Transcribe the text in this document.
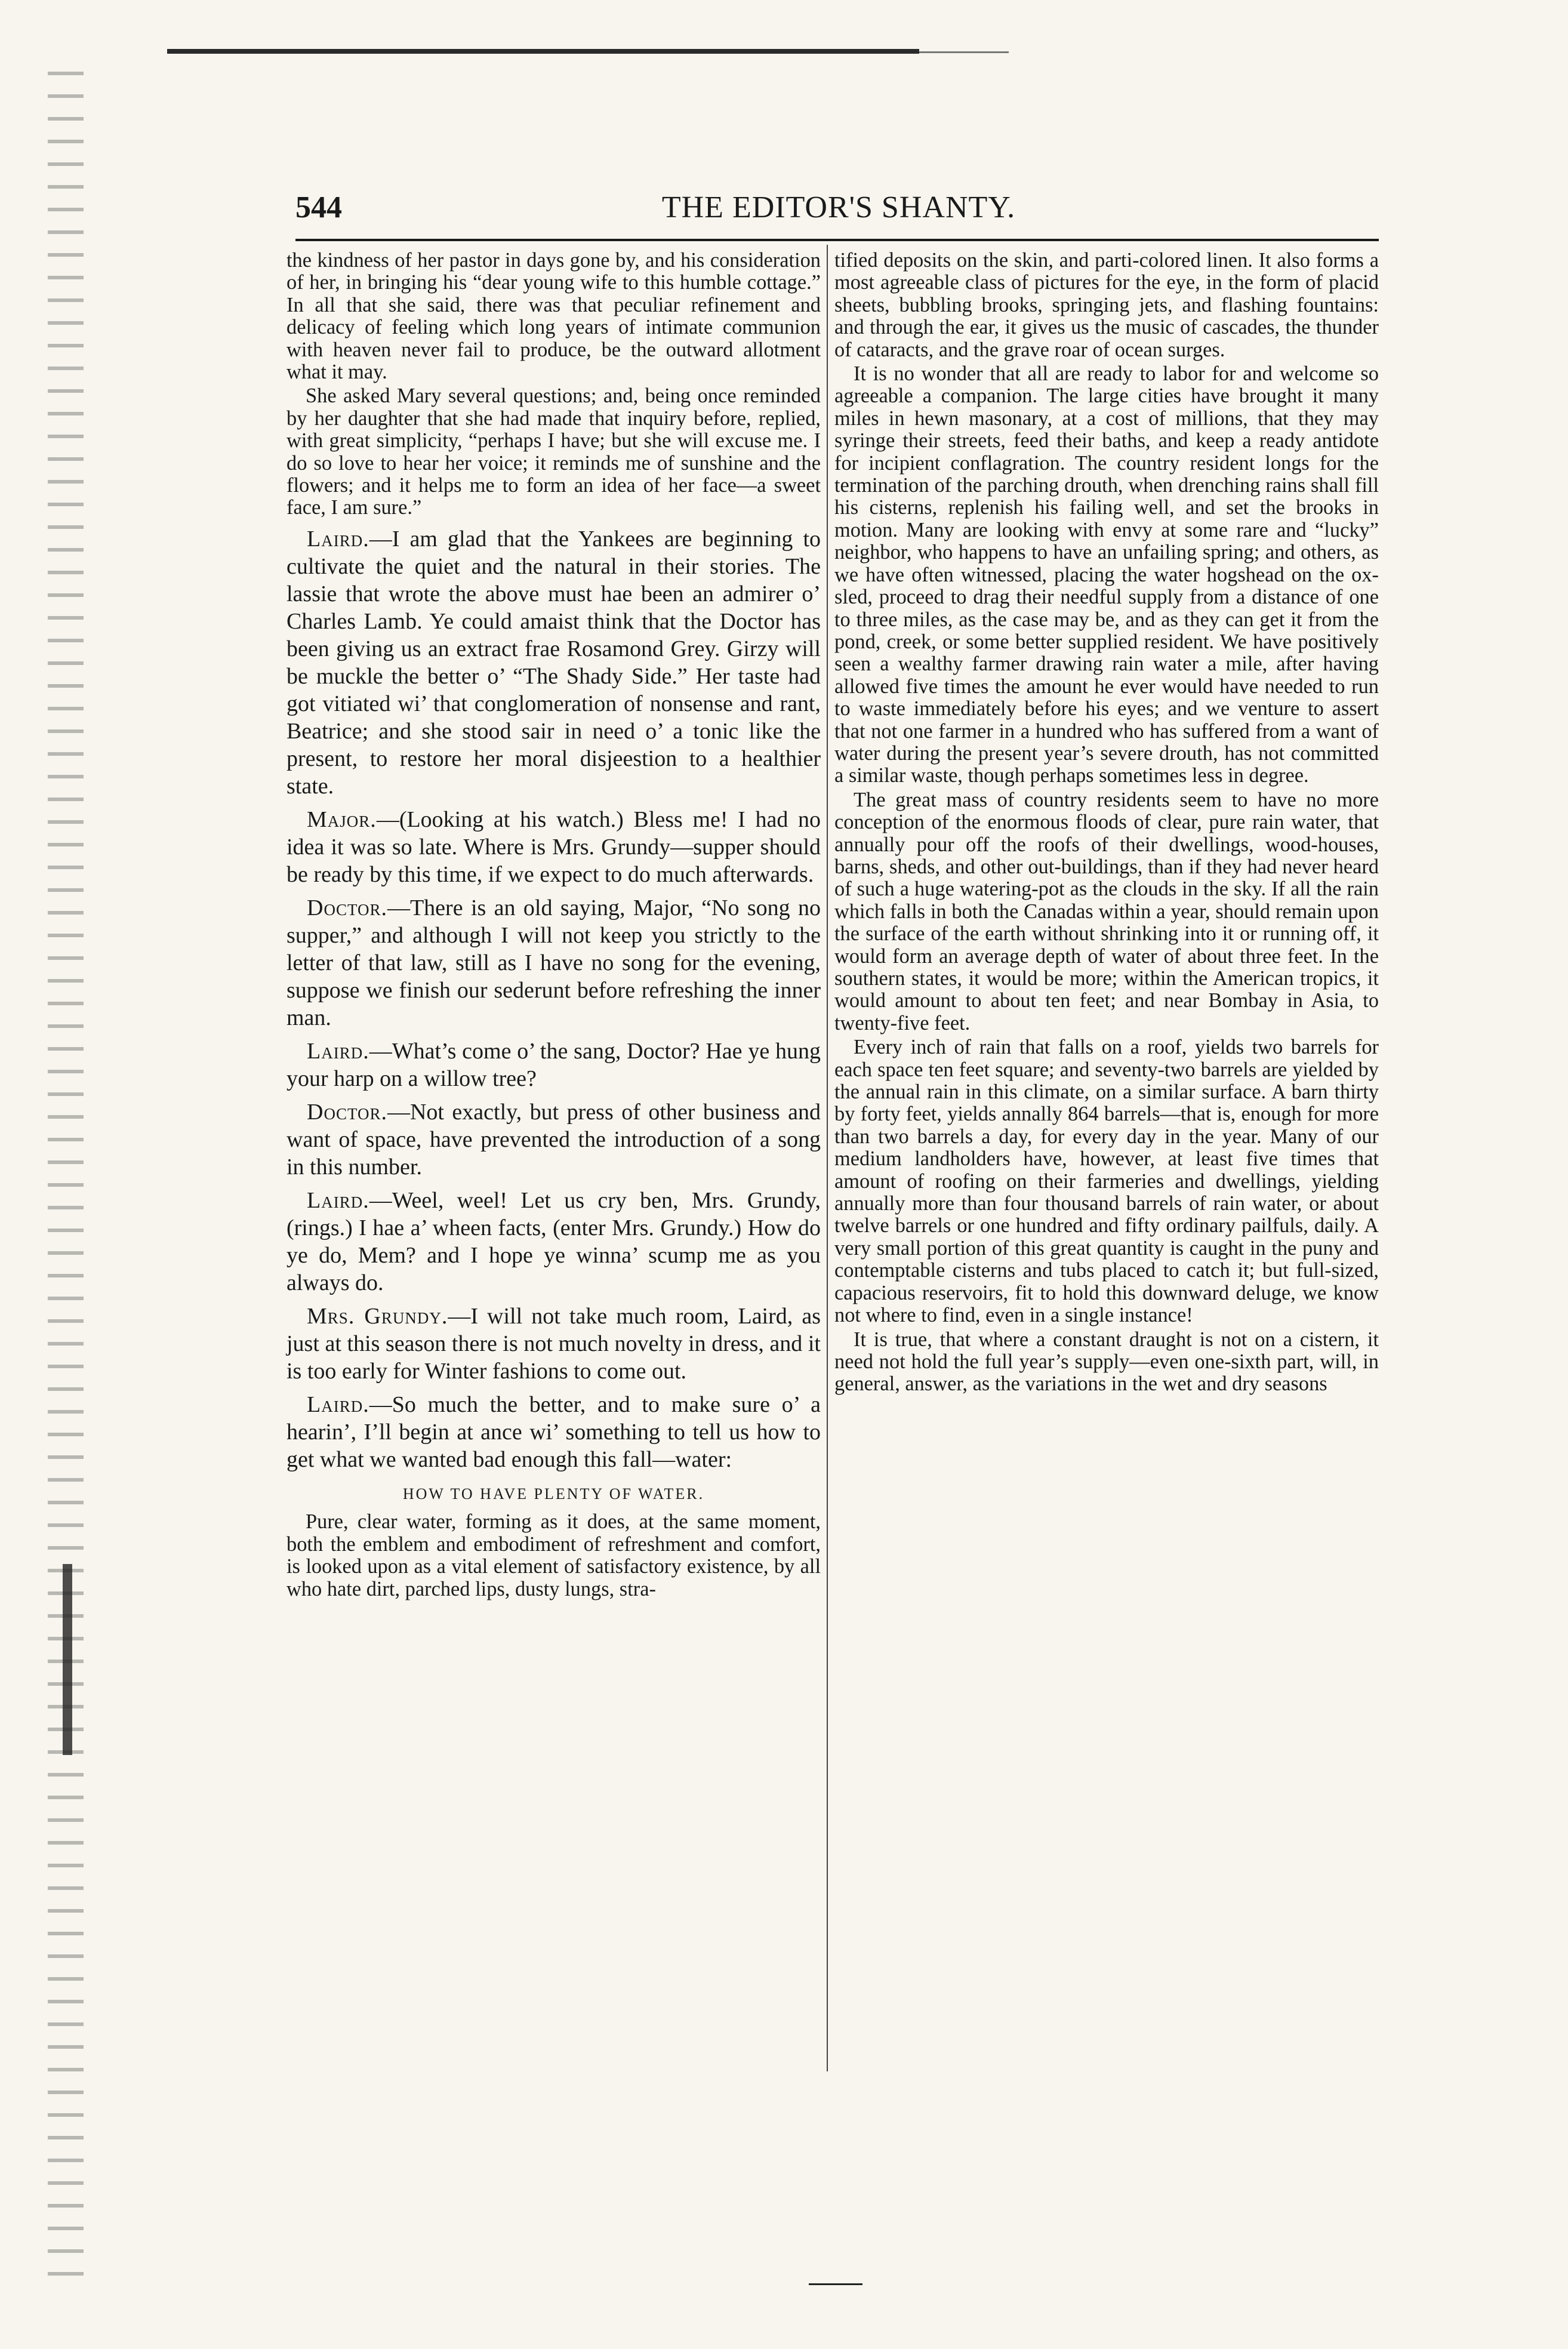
544	THE EDITOR'S SHANTY.

the kindness of her pastor in days gone by, and his consideration of her, in bringing his “dear young wife to this humble cottage.” In all that she said, there was that peculiar refinement and delicacy of feeling which long years of intimate communion with heaven never fail to produce, be the outward allotment what it may.

She asked Mary several questions; and, being once reminded by her daughter that she had made that inquiry before, replied, with great simplicity, “perhaps I have; but she will excuse me. I do so love to hear her voice; it reminds me of sunshine and the flowers; and it helps me to form an idea of her face—a sweet face, I am sure.”

Laird.—I am glad that the Yankees are beginning to cultivate the quiet and the natural in their stories. The lassie that wrote the above must hae been an admirer o’ Charles Lamb. Ye could amaist think that the Doctor has been giving us an extract frae Rosamond Grey. Girzy will be muckle the better o’ “The Shady Side.” Her taste had got vitiated wi’ that conglomeration of nonsense and rant, Beatrice; and she stood sair in need o’ a tonic like the present, to restore her moral disjeestion to a healthier state.

Major.—(Looking at his watch.) Bless me! I had no idea it was so late. Where is Mrs. Grundy—supper should be ready by this time, if we expect to do much afterwards.

Doctor.—There is an old saying, Major, “No song no supper,” and although I will not keep you strictly to the letter of that law, still as I have no song for the evening, suppose we finish our sederunt before refreshing the inner man.

Laird.—What’s come o’ the sang, Doctor? Hae ye hung your harp on a willow tree?

Doctor.—Not exactly, but press of other business and want of space, have prevented the introduction of a song in this number.

Laird.—Weel, weel! Let us cry ben, Mrs. Grundy, (rings.) I hae a’ wheen facts, (enter Mrs. Grundy.) How do ye do, Mem? and I hope ye winna’ scump me as you always do.

Mrs. Grundy.—I will not take much room, Laird, as just at this season there is not much novelty in dress, and it is too early for Winter fashions to come out.

Laird.—So much the better, and to make sure o’ a hearin’, I’ll begin at ance wi’ something to tell us how to get what we wanted bad enough this fall—water:

HOW TO HAVE PLENTY OF WATER.

Pure, clear water, forming as it does, at the same moment, both the emblem and embodiment of refreshment and comfort, is looked upon as a vital element of satisfactory existence, by all who hate dirt, parched lips, dusty lungs, stra-

tified deposits on the skin, and parti-colored linen. It also forms a most agreeable class of pictures for the eye, in the form of placid sheets, bubbling brooks, springing jets, and flashing fountains: and through the ear, it gives us the music of cascades, the thunder of cataracts, and the grave roar of ocean surges.

It is no wonder that all are ready to labor for and welcome so agreeable a companion. The large cities have brought it many miles in hewn masonary, at a cost of millions, that they may syringe their streets, feed their baths, and keep a ready antidote for incipient conflagration. The country resident longs for the termination of the parching drouth, when drenching rains shall fill his cisterns, replenish his failing well, and set the brooks in motion. Many are looking with envy at some rare and “lucky” neighbor, who happens to have an unfailing spring; and others, as we have often witnessed, placing the water hogshead on the ox-sled, proceed to drag their needful supply from a distance of one to three miles, as the case may be, and as they can get it from the pond, creek, or some better supplied resident. We have positively seen a wealthy farmer drawing rain water a mile, after having allowed five times the amount he ever would have needed to run to waste immediately before his eyes; and we venture to assert that not one farmer in a hundred who has suffered from a want of water during the present year’s severe drouth, has not committed a similar waste, though perhaps sometimes less in degree.

The great mass of country residents seem to have no more conception of the enormous floods of clear, pure rain water, that annually pour off the roofs of their dwellings, wood-houses, barns, sheds, and other out-buildings, than if they had never heard of such a huge watering-pot as the clouds in the sky. If all the rain which falls in both the Canadas within a year, should remain upon the surface of the earth without shrinking into it or running off, it would form an average depth of water of about three feet. In the southern states, it would be more; within the American tropics, it would amount to about ten feet; and near Bombay in Asia, to twenty-five feet.

Every inch of rain that falls on a roof, yields two barrels for each space ten feet square; and seventy-two barrels are yielded by the annual rain in this climate, on a similar surface. A barn thirty by forty feet, yields annally 864 barrels—that is, enough for more than two barrels a day, for every day in the year. Many of our medium landholders have, however, at least five times that amount of roofing on their farmeries and dwellings, yielding annually more than four thousand barrels of rain water, or about twelve barrels or one hundred and fifty ordinary pailfuls, daily. A very small portion of this great quantity is caught in the puny and contemptable cisterns and tubs placed to catch it; but full-sized, capacious reservoirs, fit to hold this downward deluge, we know not where to find, even in a single instance!

It is true, that where a constant draught is not on a cistern, it need not hold the full year’s supply—even one-sixth part, will, in general, answer, as the variations in the wet and dry seasons
